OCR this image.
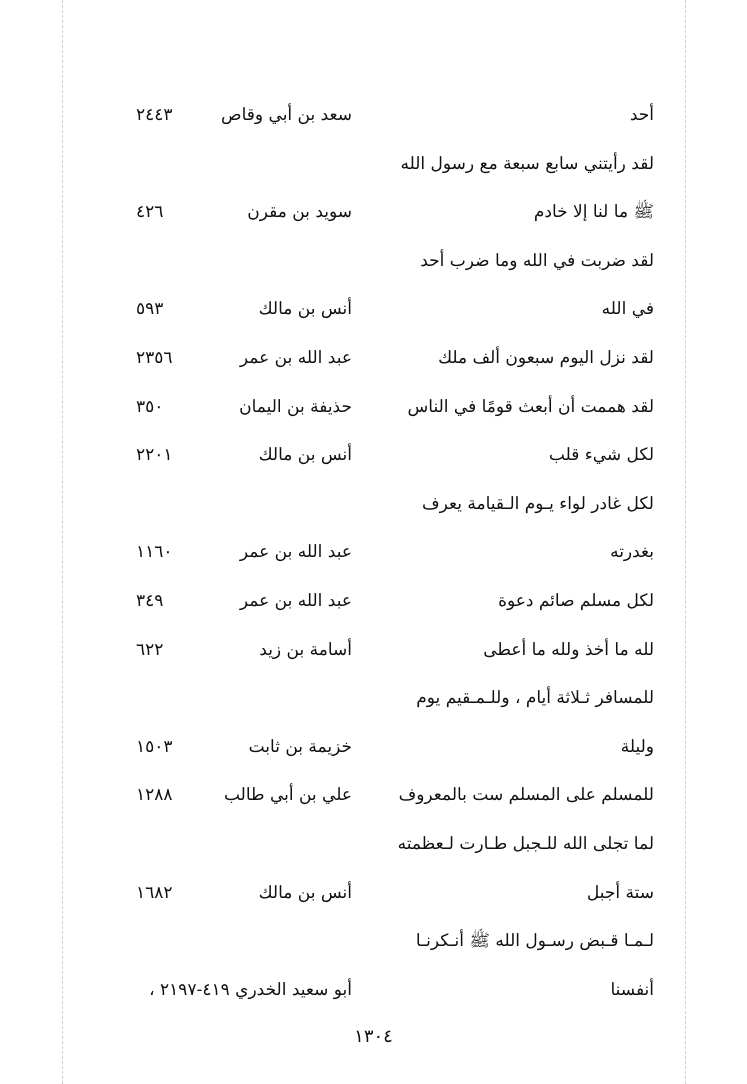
أحد
سعد بن أبي وقاص
٢٤٤٣
لقد رأيتني سابع سبعة مع رسول الله
ﷺ ما لنا إلا خادم
سويد بن مقرن
٤٢٦
لقد ضربت في الله وما ضرب أحد
في الله
أنس بن مالك
٥٩٣
لقد نزل اليوم سبعون ألف ملك
عبد الله بن عمر
٢٣٥٦
لقد هممت أن أبعث قومًا في الناس
حذيفة بن اليمان
٣٥٠
لكل شيء قلب
أنس بن مالك
٢٢٠١
لكل غادر لواء يـوم الـقيامة يعرف
بغدرته
عبد الله بن عمر
١١٦٠
لكل مسلم صائم دعوة
عبد الله بن عمر
٣٤٩
لله ما أخذ ولله ما أعطى
أسامة بن زيد
٦٢٢
للمسافر ثـلاثة أيام ، وللـمـقيم يوم
وليلة
خزيمة بن ثابت
١٥٠٣
للمسلم على المسلم ست بالمعروف
علي بن أبي طالب
١٢٨٨
لما تجلى الله للـجبل طـارت لـعظمته
ستة أجبل
أنس بن مالك
١٦٨٢
لـمـا قـبض رسـول الله ﷺ أنـكرنـا
أنفسنا
أبو سعيد الخدري ٤١٩-٢١٩٧ ،
١٣٠٤
